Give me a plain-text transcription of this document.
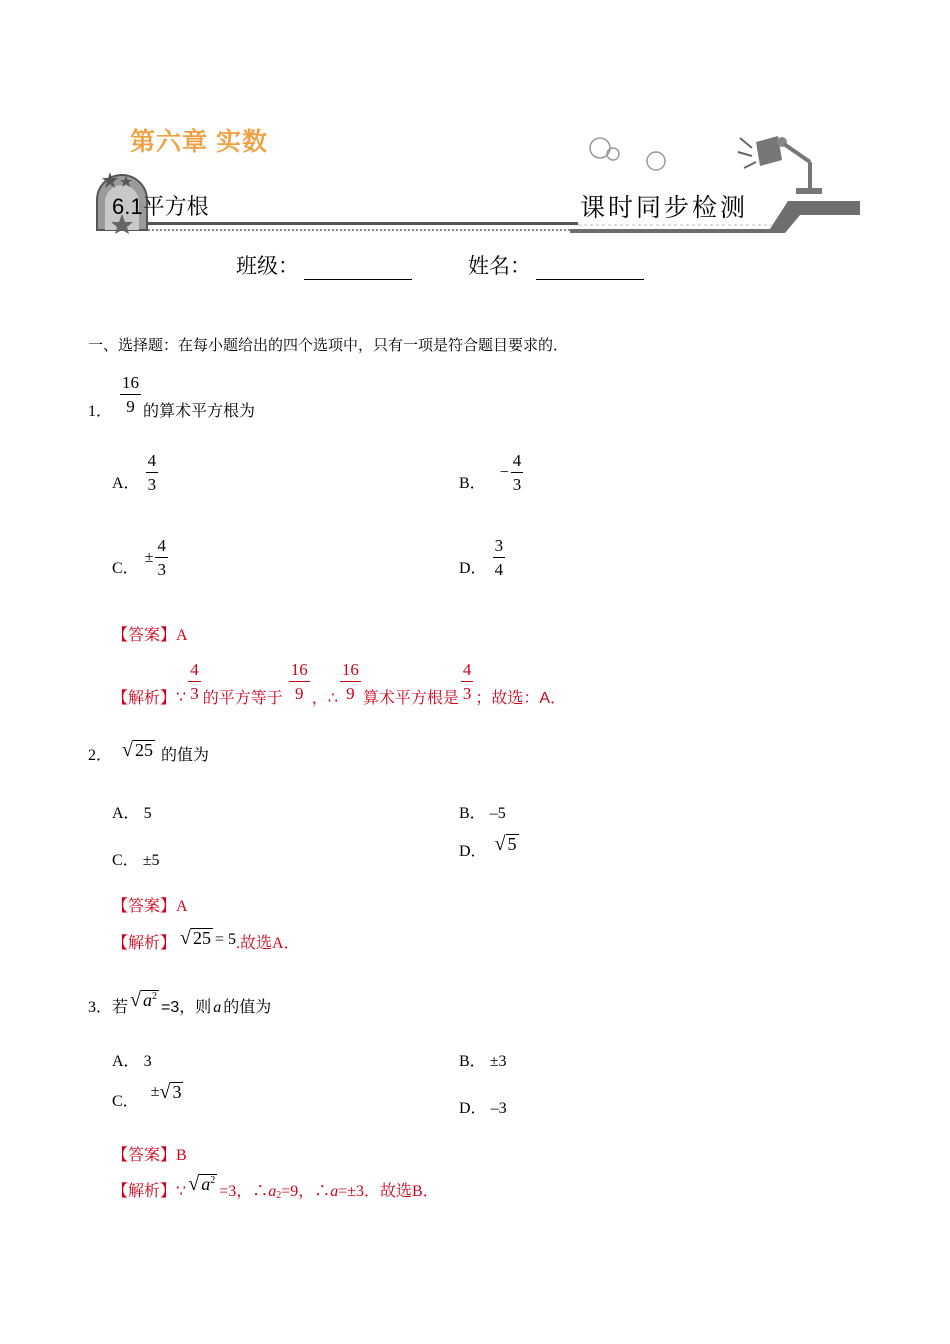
第六章 实数
6.1平方根	课时同步检测
班级：	姓名：
一、选择题：在每小题给出的四个选项中，只有一项是符合题目要求的．
1． $\frac{16}{9}$ 的算术平方根为
A． $\frac{4}{3}$	B．
− $\frac{4}{3}$
C．
± $\frac{4}{3}$	D． $\frac{3}{4}$
【答案】A
【解析】 ∵ $\frac{4}{3}$ 的平方等于 $\frac{16}{9}$ ，∴ $\frac{16}{9}$ 算术平方根是 $\frac{4}{3}$ ；故选：A．
2． √ 25 的值为
A． 5	B． –5
C． ±5
D． √ 5
【答案】A
【解析】 √ 25 = 5 .故选A．
3． 若 √ $a^2$
=3，则 a 的值为
A． 3	B． ±3
C．
± √ 3
D． –3
【答案】B
【解析】 ∵ √ $a^2$
=3，∴ $a_2 =9$，∴ a =±3．故选B．
